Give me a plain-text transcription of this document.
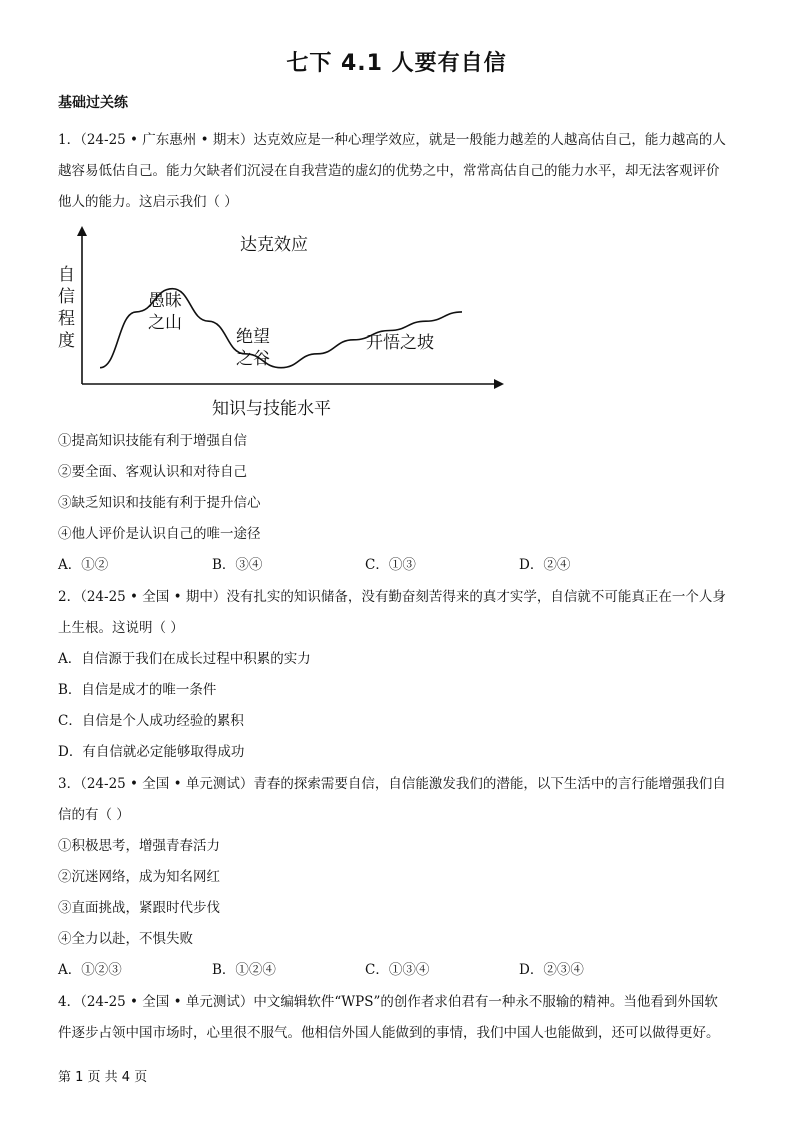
七下 4.1 人要有自信
基础过关练
1．（24-25 • 广东惠州 • 期末）达克效应是一种心理学效应，就是一般能力越差的人越高估自己，能力越高的人
越容易低估自己。能力欠缺者们沉浸在自我营造的虚幻的优势之中，常常高估自己的能力水平，却无法客观评价
他人的能力。这启示我们（ ）
达克效应
知识与技能水平
自
信
程
度
愚昧
之山
绝望
之谷
开悟之坡
①提高知识技能有利于增强自信
②要全面、客观认识和对待自己
③缺乏知识和技能有利于提升信心
④他人评价是认识自己的唯一途径
A．①②	B．③④	C．①③	D．②④
2．（24-25 • 全国 • 期中）没有扎实的知识储备，没有勤奋刻苦得来的真才实学，自信就不可能真正在一个人身
上生根。这说明（ ）
A．自信源于我们在成长过程中积累的实力
B．自信是成才的唯一条件
C．自信是个人成功经验的累积
D．有自信就必定能够取得成功
3．（24-25 • 全国 • 单元测试）青春的探索需要自信，自信能激发我们的潜能，以下生活中的言行能增强我们自
信的有（ ）
①积极思考，增强青春活力
②沉迷网络，成为知名网红
③直面挑战，紧跟时代步伐
④全力以赴，不惧失败
A．①②③	B．①②④	C．①③④	D．②③④
4．（24-25 • 全国 • 单元测试）中文编辑软件“WPS”的创作者求伯君有一种永不服输的精神。当他看到外国软
件逐步占领中国市场时，心里很不服气。他相信外国人能做到的事情，我们中国人也能做到，还可以做得更好。
第 1 页 共 4 页
